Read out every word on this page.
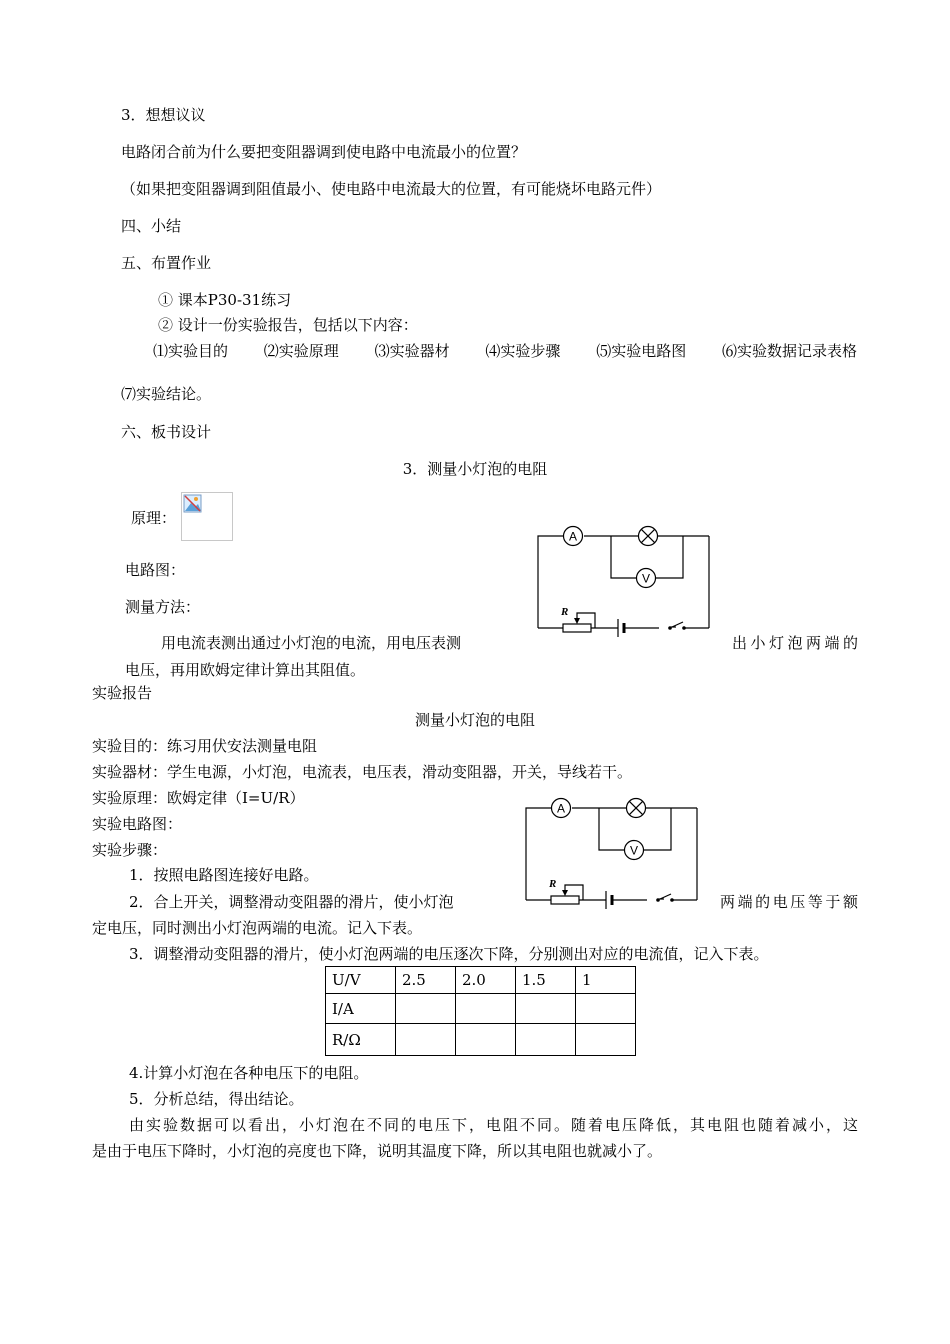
3．想想议议
电路闭合前为什么要把变阻器调到使电路中电流最小的位置？
（如果把变阻器调到阻值最小、使电路中电流最大的位置，有可能烧坏电路元件）
四、小结
五、布置作业
① 课本P30-31练习
② 设计一份实验报告，包括以下内容：
⑴实验目的 ⑵实验原理 ⑶实验器材 ⑷实验步骤 ⑸实验电路图 ⑹实验数据记录表格
⑺实验结论。
六、板书设计
3．测量小灯泡的电阻
原理：
电路图：
测量方法：
用电流表测出通过小灯泡的电流，用电压表测	出小灯泡两端的
电压，再用欧姆定律计算出其阻值。
A
V
R
实验报告
测量小灯泡的电阻
实验目的：练习用伏安法测量电阻
实验器材：学生电源，小灯泡，电流表，电压表，滑动变阻器，开关，导线若干。
实验原理：欧姆定律（I=U/R）
实验电路图：
实验步骤：
1．按照电路图连接好电路。
2．合上开关，调整滑动变阻器的滑片，使小灯泡	两端的电压等于额
定电压，同时测出小灯泡两端的电流。记入下表。
3．调整滑动变阻器的滑片，使小灯泡两端的电压逐次下降，分别测出对应的电流值，记入下表。
A
V
R
U/V	2.5	2.0	1.5	1
I/A				
R/Ω				
4.计算小灯泡在各种电压下的电阻。
5．分析总结，得出结论。
由实验数据可以看出，小灯泡在不同的电压下，电阻不同。随着电压降低，其电阻也随着减小，这
是由于电压下降时，小灯泡的亮度也下降，说明其温度下降，所以其电阻也就减小了。
